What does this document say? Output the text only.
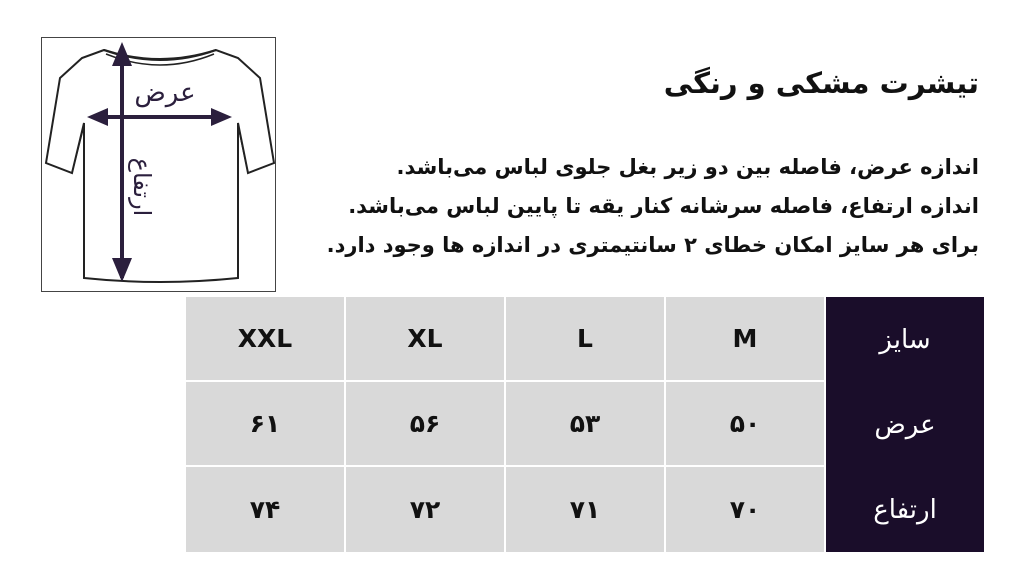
عرض
ارتفاع
تیشرت مشکی و رنگی
اندازه عرض، فاصله بین دو زیر بغل جلوی لباس می‌باشد.
اندازه ارتفاع، فاصله سرشانه کنار یقه تا پایین لباس می‌باشد.
برای هر سایز امکان خطای ۲ سانتیمتری در اندازه ها وجود دارد.
XXL	XL	L	M	سایز
۶۱	۵۶	۵۳	۵۰	عرض
۷۴	۷۲	۷۱	۷۰	ارتفاع
